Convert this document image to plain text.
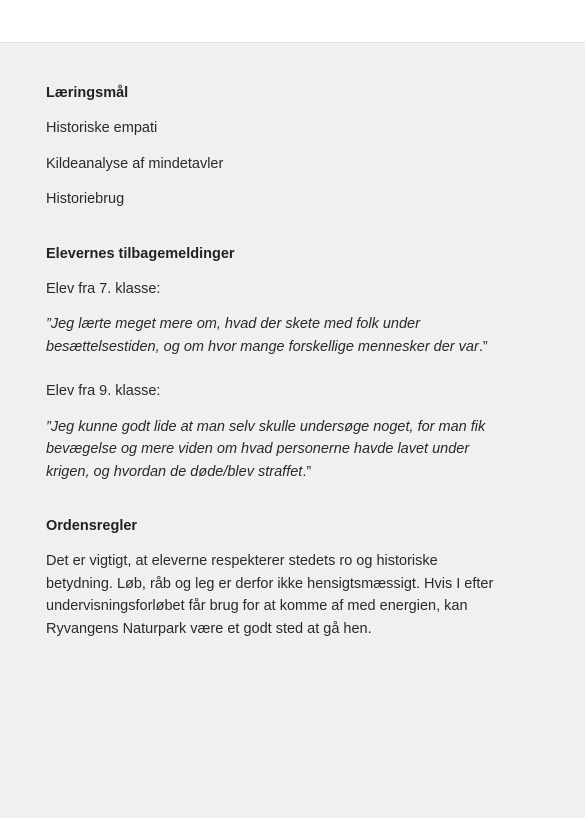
Læringsmål

Historiske empati

Kildeanalyse af mindetavler

Historiebrug

Elevernes tilbagemeldinger

Elev fra 7. klasse:

”Jeg lærte meget mere om, hvad der skete med folk under besættelsestiden, og om hvor mange forskellige mennesker der var.”

Elev fra 9. klasse:

”Jeg kunne godt lide at man selv skulle undersøge noget, for man fik bevægelse og mere viden om hvad personerne havde lavet under krigen, og hvordan de døde/blev straffet.”

Ordensregler

Det er vigtigt, at eleverne respekterer stedets ro og historiske betydning. Løb, råb og leg er derfor ikke hensigtsmæssigt. Hvis I efter undervisningsforløbet får brug for at komme af med energien, kan Ryvangens Naturpark være et godt sted at gå hen.
